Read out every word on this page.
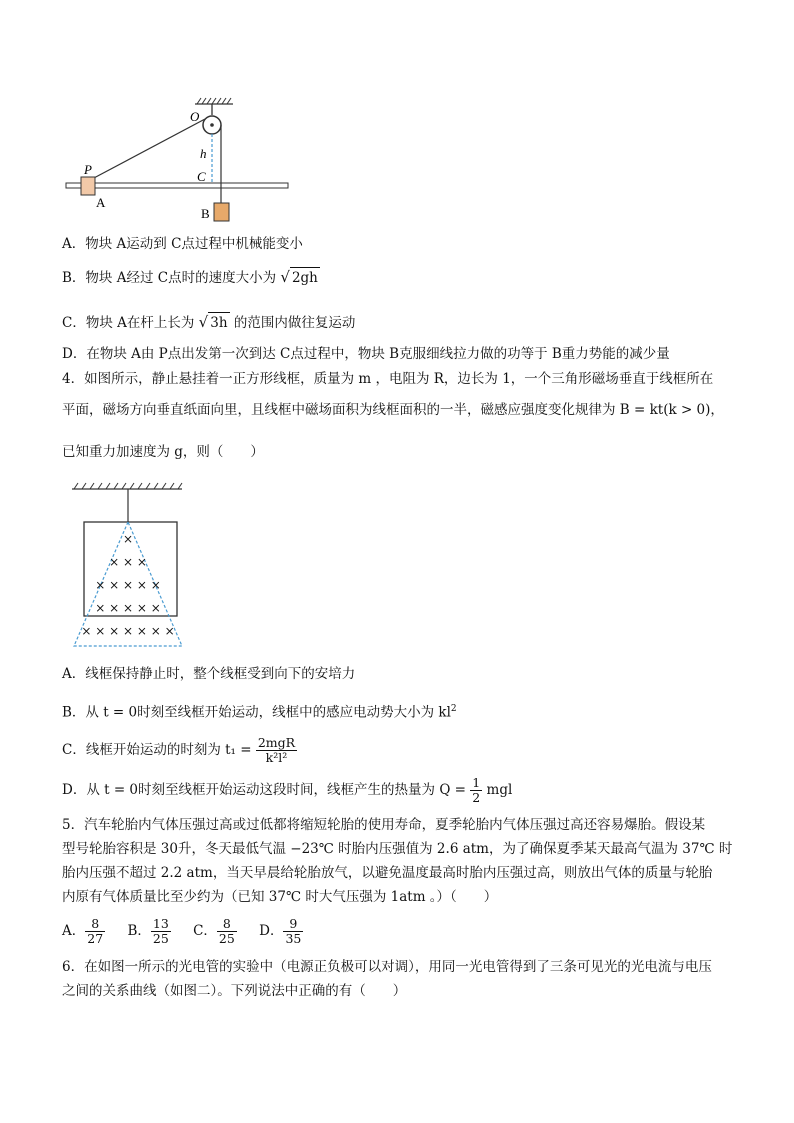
O
h
P	C
A
B
A．物块 A运动到 C点过程中机械能变小
B．物块 A经过 C点时的速度大小为 √ 2gh
C．物块 A在杆上长为 √ 3h 的范围内做往复运动
D．在物块 A由 P点出发第一次到达 C点过程中，物块 B克服细线拉力做的功等于 B重力势能的减少量
4．如图所示，静止悬挂着一正方形线框，质量为 m ，电阻为 R，边长为 1，一个三角形磁场垂直于线框所在
平面，磁场方向垂直纸面向里，且线框中磁场面积为线框面积的一半，磁感应强度变化规律为 B = kt(k > 0)，
已知重力加速度为 g，则（　　）
×
× × ×
× × × × ×
× × × × ×
× × × × × × ×
A．线框保持静止时，整个线框受到向下的安培力
B．从 t = 0时刻至线框开始运动，线框中的感应电动势大小为 $kl^2$
C．线框开始运动的时刻为 $t_1 = \frac{\text{2mgR}}{\text{k²l²}}$
D．从 t = 0时刻至线框开始运动这段时间，线框产生的热量为 $Q = \frac{1}{2}$ mgl
5．汽车轮胎内气体压强过高或过低都将缩短轮胎的使用寿命，夏季轮胎内气体压强过高还容易爆胎。假设某
型号轮胎容积是 30升，冬天最低气温 −23℃ 时胎内压强值为 2.6 atm，为了确保夏季某天最高气温为 37℃ 时
胎内压强不超过 2.2 atm，当天早晨给轮胎放气，以避免温度最高时胎内压强过高，则放出气体的质量与轮胎
内原有气体质量比至少约为（已知 37℃ 时大气压强为 1atm 。）（　　）
A． $\frac{8}{27}$ B． $\frac{13}{25}$ C． $\frac{8}{25}$ D． $\frac{9}{35}$
6．在如图一所示的光电管的实验中（电源正负极可以对调），用同一光电管得到了三条可见光的光电流与电压
之间的关系曲线（如图二）。下列说法中正确的有（　　）
